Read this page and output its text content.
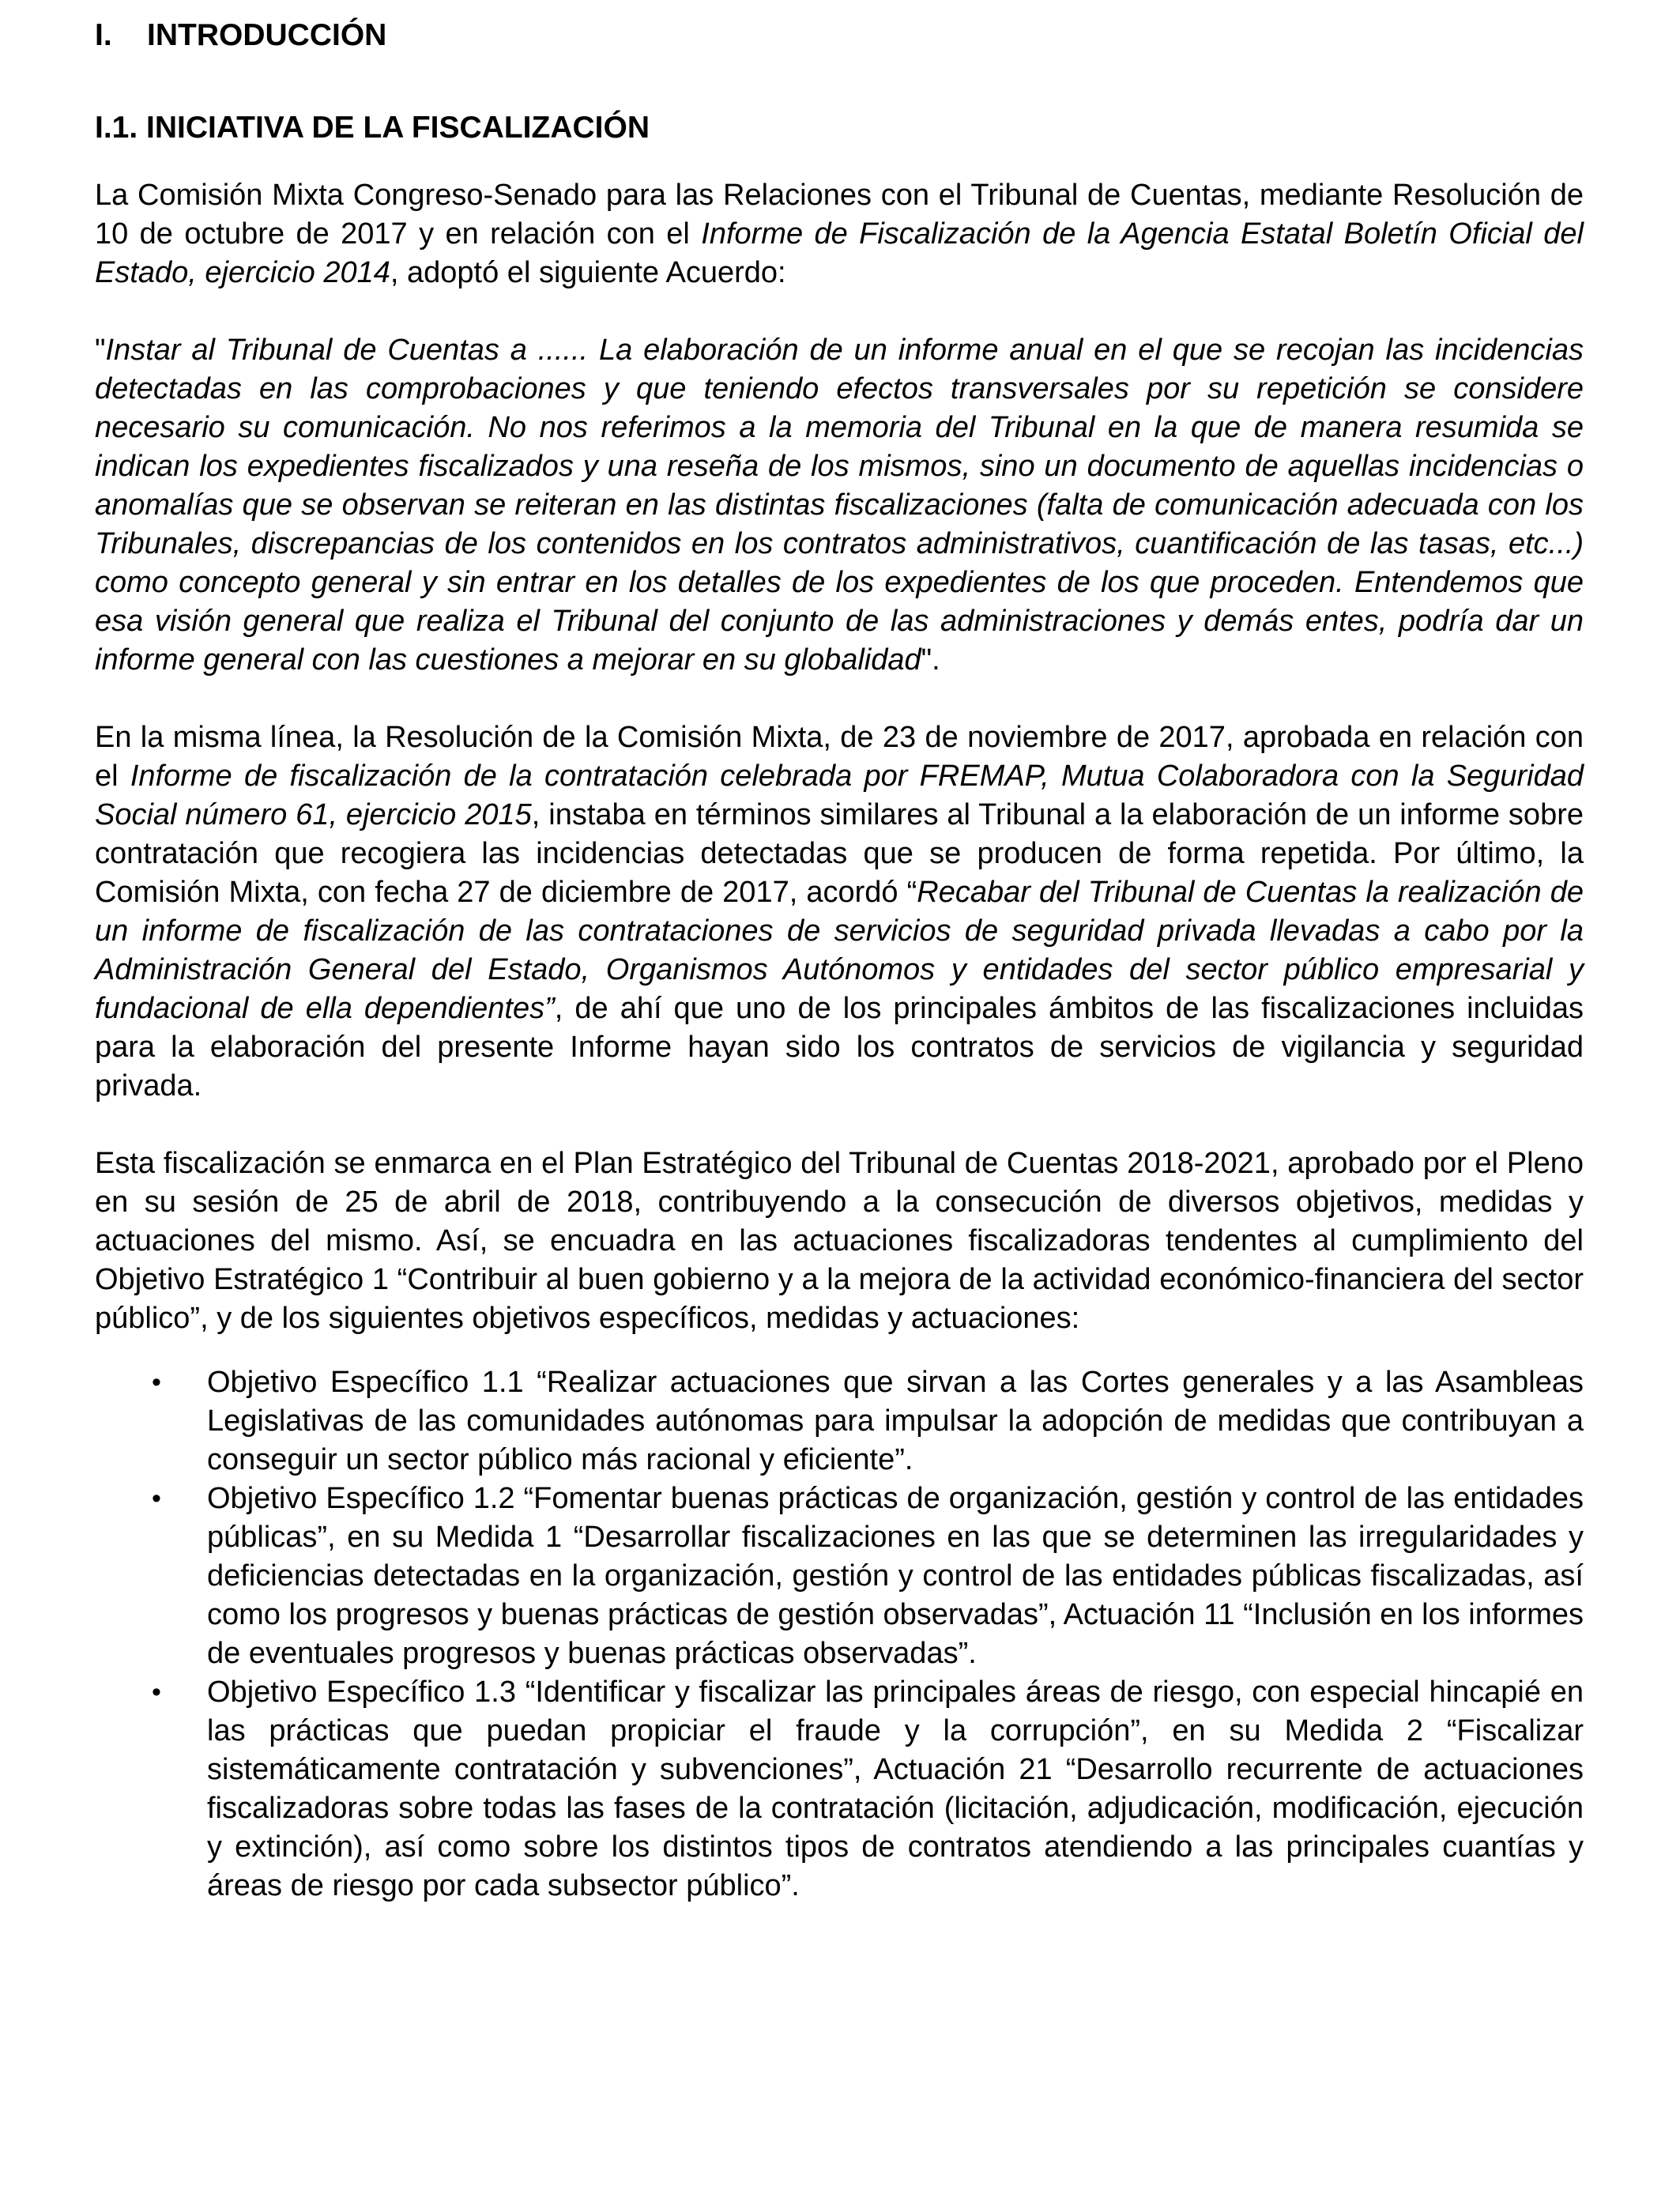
I. INTRODUCCIÓN
I.1. INICIATIVA DE LA FISCALIZACIÓN

La Comisión Mixta Congreso-Senado para las Relaciones con el Tribunal de Cuentas, mediante Resolución de 10 de octubre de 2017 y en relación con el Informe de Fiscalización de la Agencia Estatal Boletín Oficial del Estado, ejercicio 2014, adoptó el siguiente Acuerdo:

"Instar al Tribunal de Cuentas a ...... La elaboración de un informe anual en el que se recojan las incidencias detectadas en las comprobaciones y que teniendo efectos transversales por su repetición se considere necesario su comunicación. No nos referimos a la memoria del Tribunal en la que de manera resumida se indican los expedientes fiscalizados y una reseña de los mismos, sino un documento de aquellas incidencias o anomalías que se observan se reiteran en las distintas fiscalizaciones (falta de comunicación adecuada con los Tribunales, discrepancias de los contenidos en los contratos administrativos, cuantificación de las tasas, etc...) como concepto general y sin entrar en los detalles de los expedientes de los que proceden. Entendemos que esa visión general que realiza el Tribunal del conjunto de las administraciones y demás entes, podría dar un informe general con las cuestiones a mejorar en su globalidad".

En la misma línea, la Resolución de la Comisión Mixta, de 23 de noviembre de 2017, aprobada en relación con el Informe de fiscalización de la contratación celebrada por FREMAP, Mutua Colaboradora con la Seguridad Social número 61, ejercicio 2015, instaba en términos similares al Tribunal a la elaboración de un informe sobre contratación que recogiera las incidencias detectadas que se producen de forma repetida. Por último, la Comisión Mixta, con fecha 27 de diciembre de 2017, acordó “Recabar del Tribunal de Cuentas la realización de un informe de fiscalización de las contrataciones de servicios de seguridad privada llevadas a cabo por la Administración General del Estado, Organismos Autónomos y entidades del sector público empresarial y fundacional de ella dependientes”, de ahí que uno de los principales ámbitos de las fiscalizaciones incluidas para la elaboración del presente Informe hayan sido los contratos de servicios de vigilancia y seguridad privada.

Esta fiscalización se enmarca en el Plan Estratégico del Tribunal de Cuentas 2018-2021, aprobado por el Pleno en su sesión de 25 de abril de 2018, contribuyendo a la consecución de diversos objetivos, medidas y actuaciones del mismo. Así, se encuadra en las actuaciones fiscalizadoras tendentes al cumplimiento del Objetivo Estratégico 1 “Contribuir al buen gobierno y a la mejora de la actividad económico-financiera del sector público”, y de los siguientes objetivos específicos, medidas y actuaciones:

• Objetivo Específico 1.1 “Realizar actuaciones que sirvan a las Cortes generales y a las Asambleas Legislativas de las comunidades autónomas para impulsar la adopción de medidas que contribuyan a conseguir un sector público más racional y eficiente”.
• Objetivo Específico 1.2 “Fomentar buenas prácticas de organización, gestión y control de las entidades públicas”, en su Medida 1 “Desarrollar fiscalizaciones en las que se determinen las irregularidades y deficiencias detectadas en la organización, gestión y control de las entidades públicas fiscalizadas, así como los progresos y buenas prácticas de gestión observadas”, Actuación 11 “Inclusión en los informes de eventuales progresos y buenas prácticas observadas”.
• Objetivo Específico 1.3 “Identificar y fiscalizar las principales áreas de riesgo, con especial hincapié en las prácticas que puedan propiciar el fraude y la corrupción”, en su Medida 2 “Fiscalizar sistemáticamente contratación y subvenciones”, Actuación 21 “Desarrollo recurrente de actuaciones fiscalizadoras sobre todas las fases de la contratación (licitación, adjudicación, modificación, ejecución y extinción), así como sobre los distintos tipos de contratos atendiendo a las principales cuantías y áreas de riesgo por cada subsector público”.
